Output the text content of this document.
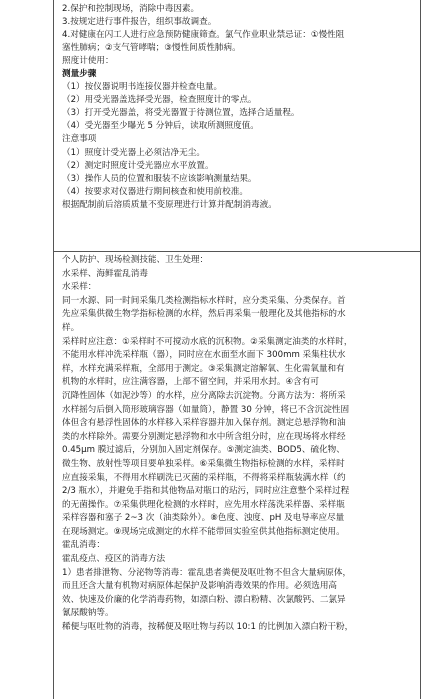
2.保护和控制现场，消除中毒因素。

3.按规定进行事件报告，组织事故调查。

4.对健康在闪工人进行应急预防健康筛查。氯气作业职业禁忌证：①慢性阻

塞性肺病；②支气管哮喘；③慢性间质性肺病。

照度计使用：

测量步骤

（1）按仪器说明书连接仪器并检查电量。

（2）用受光器盖选择受光器，检查照度计的零点。

（3）打开受光器盖，将受光器置于待测位置，选择合适量程。

（4）受光器至少曝光 5 分钟后，读取所测照度值。

注意事项

（1）照度计受光器上必须洁净无尘。

（2）测定时照度计受光器应水平放置。

（3）操作人员的位置和服装不应该影响测量结果。

（4）按要求对仪器进行期间核查和使用前校准。

根据配制前后溶质质量不变原理进行计算并配制消毒液。

个人防护、现场检测技能、卫生处理：

水采样、海鲜霍乱消毒

水采样：

同一水源、同一时间采集几类检测指标水样时，应分类采集、分类保存。首

先应采集供微生物学指标检测的水样，然后再采集一般理化及其他指标的水

样。

采样时应注意：①采样时不可搅动水底的沉积物。②采集测定油类的水样时，

不能用水样冲洗采样瓶（器），同时应在水面至水面下 300mm 采集柱状水

样，水样充满采样瓶，全部用于测定。③采集测定溶解氧、生化需氧量和有

机物的水样时，应注满容器，上部不留空间，并采用水封。④含有可

沉降性固体（如泥沙等）的水样，应分离除去沉淀物。分离方法为：将所采

水样摇匀后倒入筒形玻璃容器（如量筒），静置 30 分钟，将已不含沉淀性固

体但含有悬浮性固体的水样移入采样容器并加入保存剂。测定总悬浮物和油

类的水样除外。需要分别测定悬浮物和水中所含组分时，应在现场将水样经

0.45μm 膜过滤后，分别加入固定剂保存。⑤测定油类、BOD5、硫化物、

微生物、放射性等项目要单独采样。⑥采集微生物指标检测的水样，采样时

应直接采集，不得用水样刷洗已灭菌的采样瓶，不得将采样瓶装满水样（约

2/3 瓶水），并避免手指和其他物品对瓶口的玷污，同时应注意整个采样过程

的无菌操作。⑦采集供理化检测的水样时，应先用水样荡洗采样器、采样瓶

采样容器和塞子 2~3 次（油类除外）。⑧色度、浊度、pH 及电导率应尽量

在现场测定。⑨现场完成测定的水样不能带回实验室供其他指标测定使用。

霍乱消毒：

霍乱疫点、疫区的消毒方法

1）患者排泄物、分泌物等消毒：霍乱患者粪便及呕吐物不但含大量病原体，

而且还含大量有机物对病原体起保护及影响消毒效果的作用。必须选用高

效、快速及价廉的化学消毒药物，如漂白粉、漂白粉精、次氯酸钙、二氯异

氰尿酸钠等。

稀便与呕吐物的消毒，按稀便及呕吐物与药以 10:1 的比例加入漂白粉干粉，
